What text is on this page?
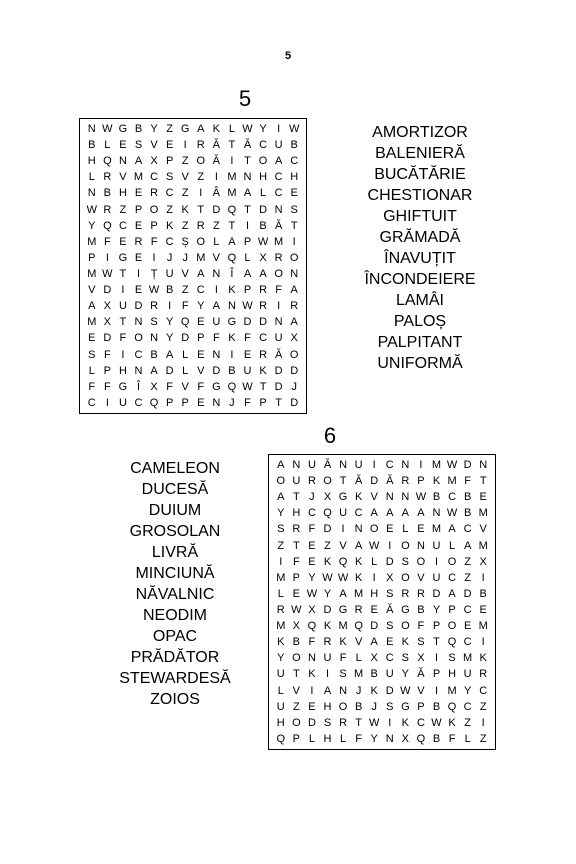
5
5
N W G B Y Z G A K L W Y I W
B L E S V E I R Ă T Ă C U B
H Q N A X P Z O Ă I T O A C
L R V M C S V Z I M N H C H
N B H E R C Z I Â M A L C E
W R Z P O Z K T D Q T D N S
Y Q C E P K Z R Z T I B Ă T
M F E R F C Ș O L A P W M I
P I G E I	J J M V Q L X R O
M W T I Ț U V A N Î A A O N
V D I E W B Z C I K P R F A
A X U D R I F Y A N W R I R
M X T N S Y Q E U G D D N A
E D F O N Y D P F K F C U X
S F I C B A L E N I E R Ă O
L P H N A D L V D B U K D D
F F G Î X F V F G Q W T D J
C I U C Q P P E N J F P T D
AMORTIZOR
BALENIERĂ
BUCĂTĂRIE
CHESTIONAR
GHIFTUIT
GRĂMADĂ
ÎNAVUȚIT
ÎNCONDEIERE
LAMÂI
PALOȘ
PALPITANT
UNIFORMĂ
6
A N U Ă N U I C N I M W D N
O U R O T Ă D Ă R P K M F T
A T J X G K V N N W B C B E
Y H C Q U C A A A A N W B M
S R F D I N O E L E M A C V
Z T E Z V A W I O N U L A M
I F E K Q K L D S O I O Z X
M P Y W W K I X O V U C Z I
L E W Y A M H S R R D A D B
R W X D G R E Ă G B Y P C E
M X Q K M Q D S O F P O E M
K B F R K V A E K S T Q C I
Y O N U F L X C S X I S M K
U T K I S M B U Y Ă P H U R
L V I A N J K D W V I M Y C
U Z E H O B J S G P B Q C Z
H O D S R T W I K C W K Z I
Q P L H L F Y N X Q B F L Z
CAMELEON
DUCESĂ
DUIUM
GROSOLAN
LIVRĂ
MINCIUNĂ
NĂVALNIC
NEODIM
OPAC
PRĂDĂTOR
STEWARDESĂ
ZOIOS
